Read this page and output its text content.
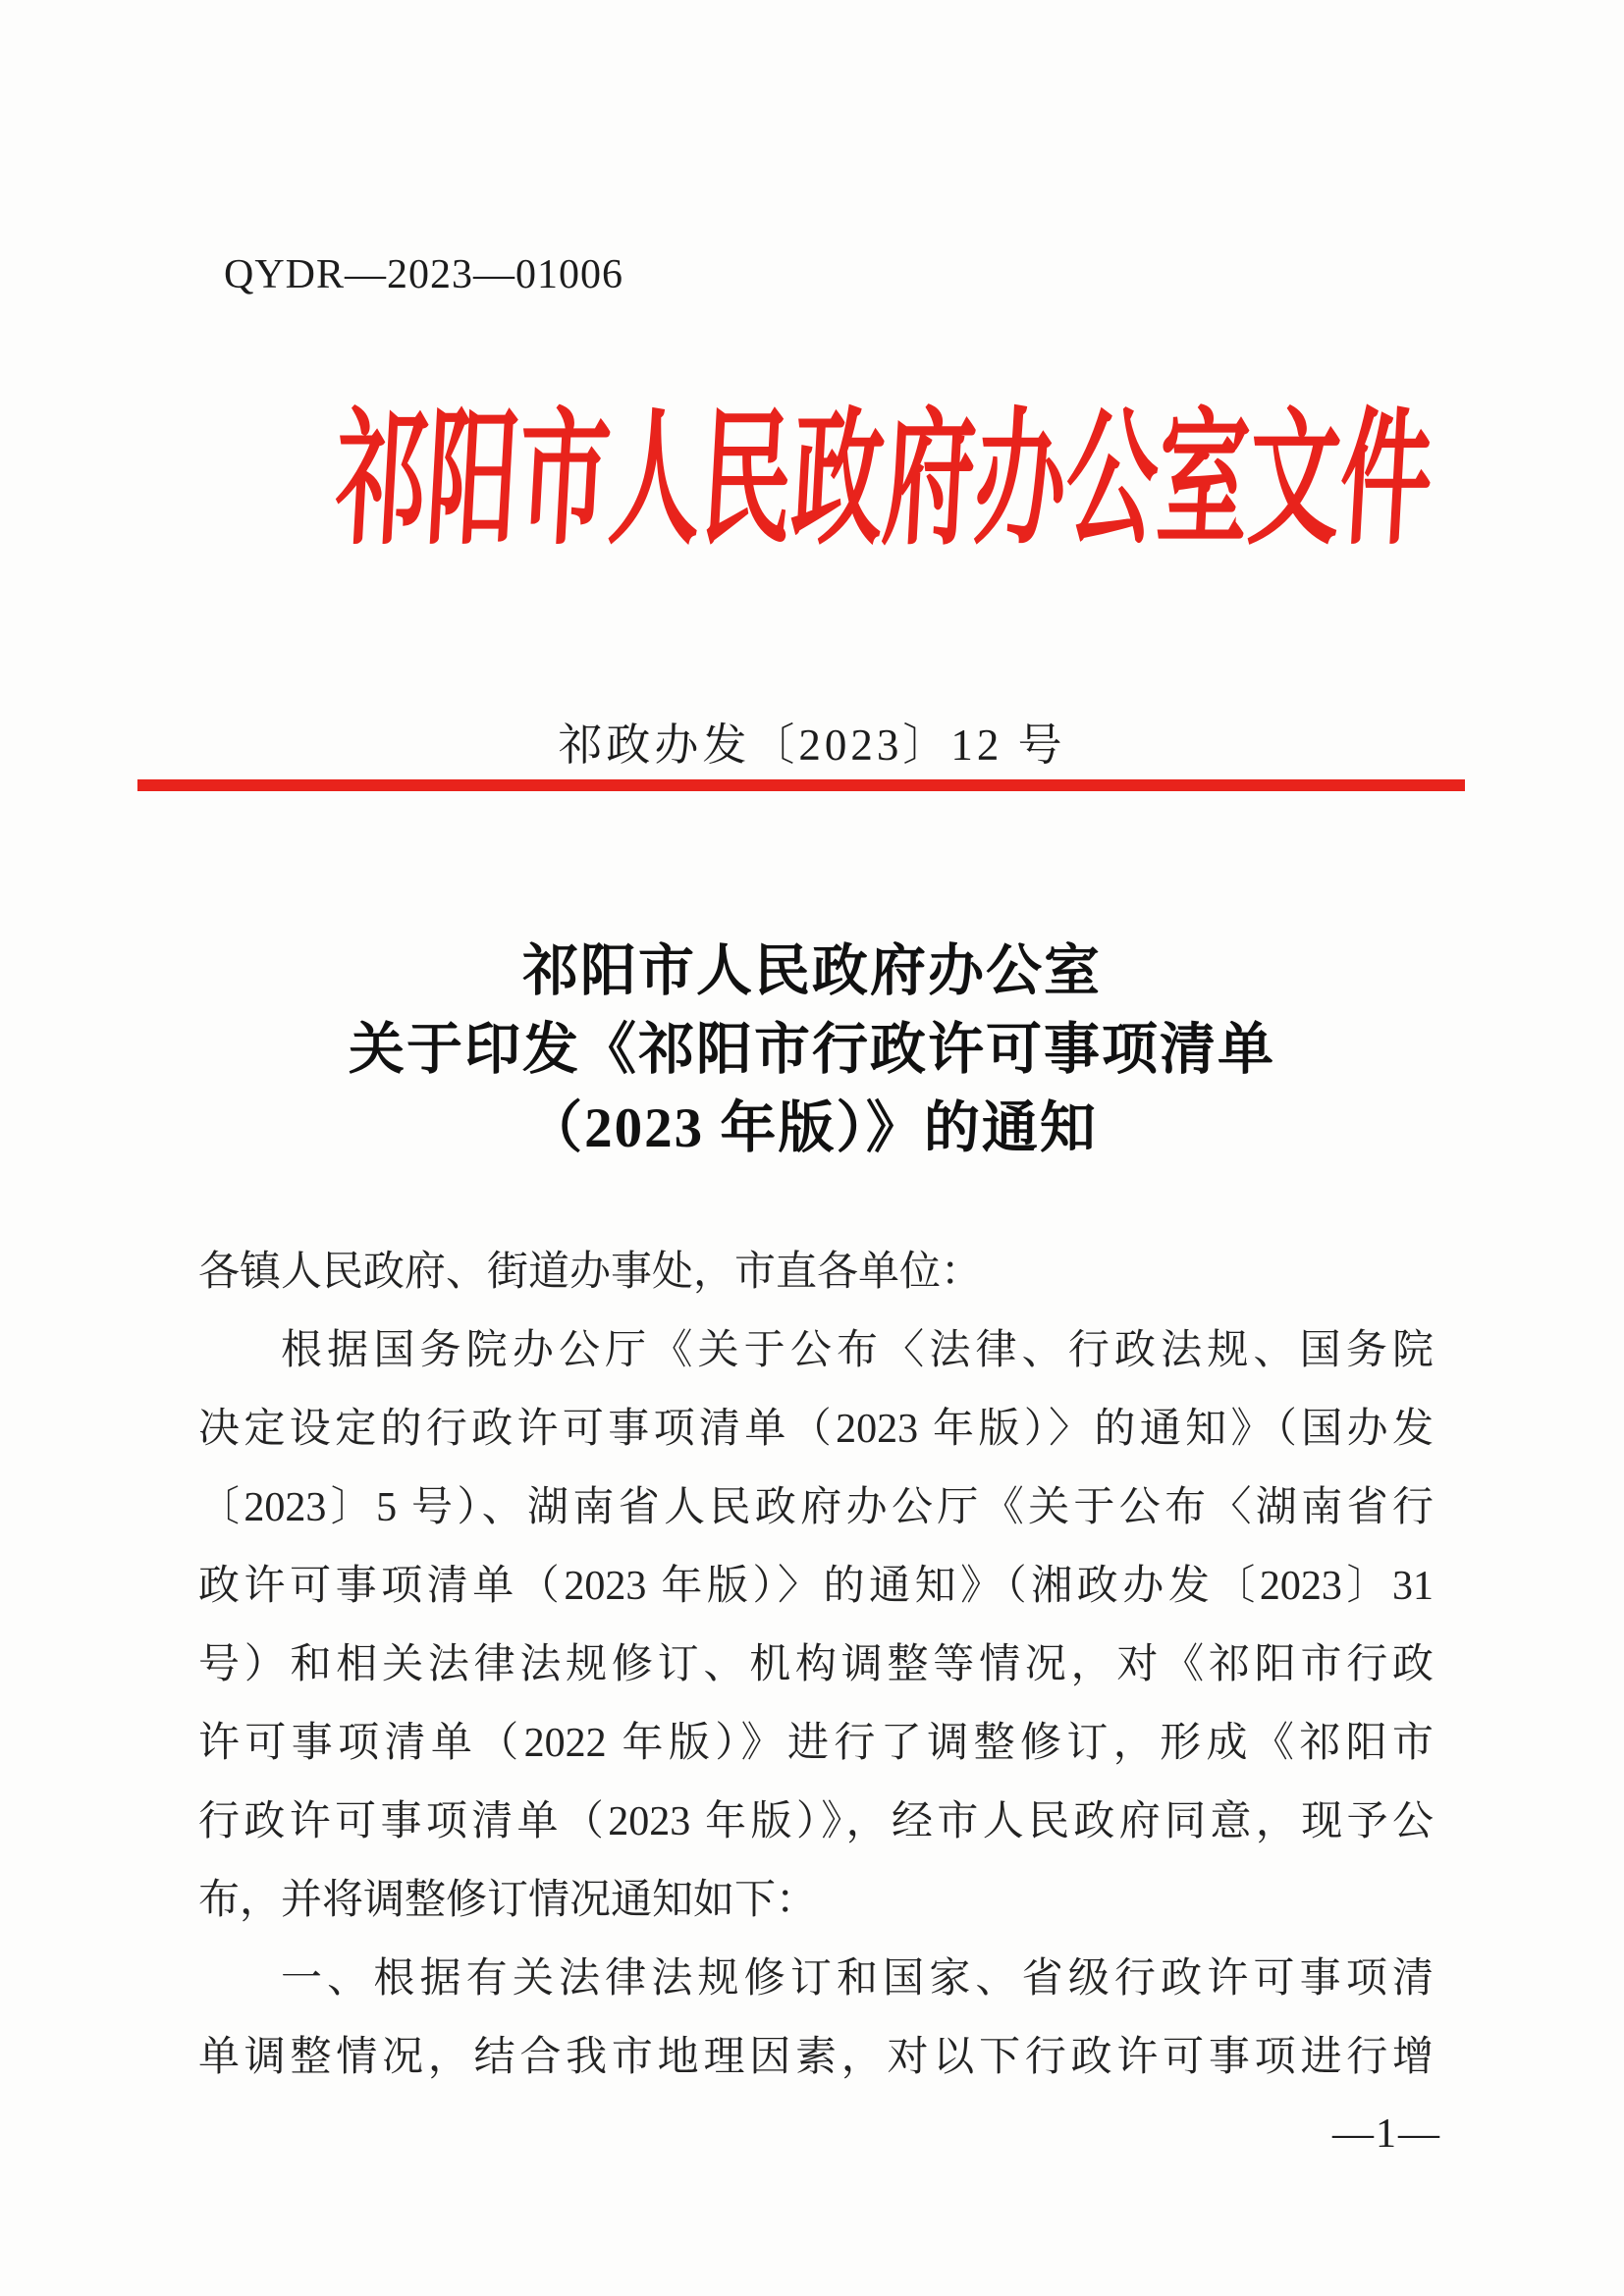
QYDR—2023—01006
祁阳市人民政府办公室文件
祁政办发〔2023〕12 号
祁阳市人民政府办公室
关于印发《祁阳市行政许可事项清单
（2023 年版）》的通知
各镇人民政府、街道办事处，市直各单位：
根据国务院办公厅《关于公布〈法律、行政法规、国务院
决定设定的行政许可事项清单（2023 年版）〉的通知》（国办发
〔2023〕5 号）、湖南省人民政府办公厅《关于公布〈湖南省行
政许可事项清单（2023 年版）〉的通知》（湘政办发〔2023〕31
号）和相关法律法规修订、机构调整等情况，对《祁阳市行政
许可事项清单（2022 年版）》进行了调整修订，形成《祁阳市
行政许可事项清单（2023 年版）》，经市人民政府同意，现予公
布，并将调整修订情况通知如下：
一、根据有关法律法规修订和国家、省级行政许可事项清
单调整情况，结合我市地理因素，对以下行政许可事项进行增
—1—
